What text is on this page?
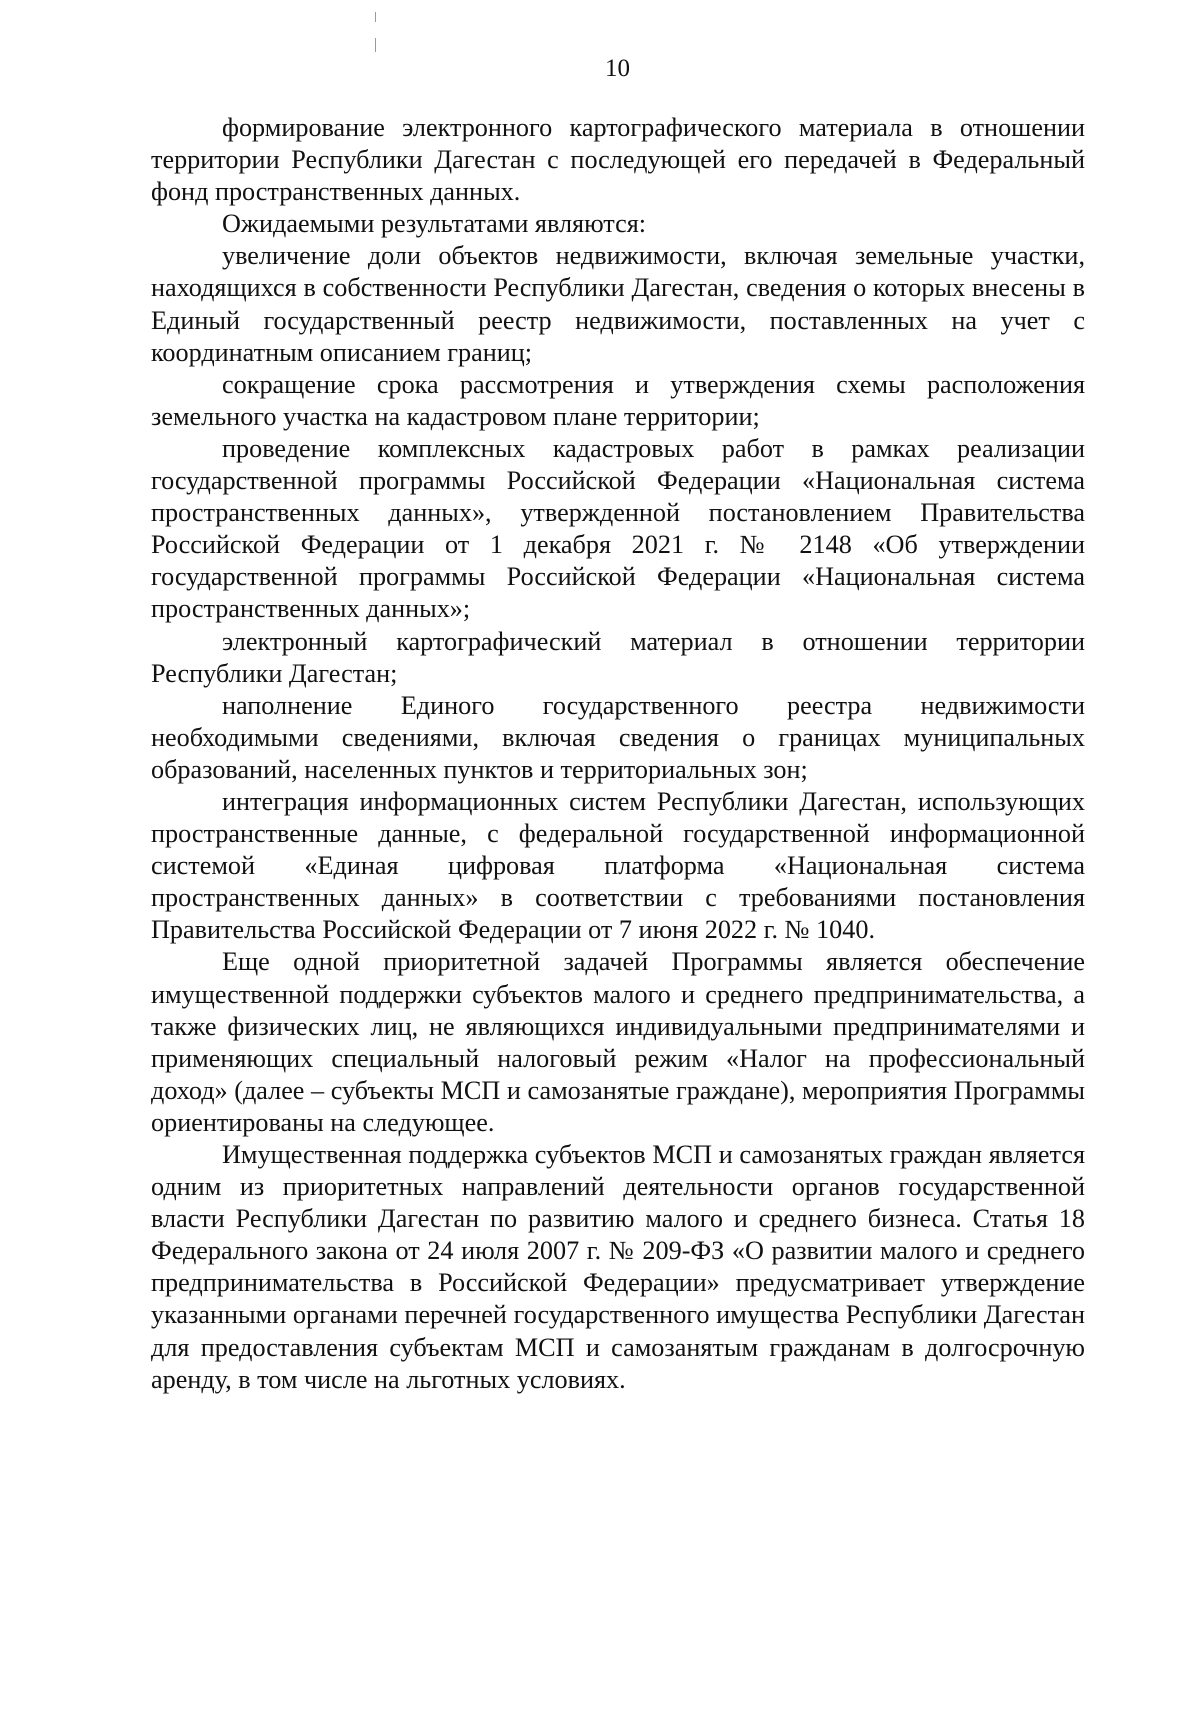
10

формирование электронного картографического материала в отношении территории Республики Дагестан с последующей его передачей в Федеральный фонд пространственных данных.

Ожидаемыми результатами являются:

увеличение доли объектов недвижимости, включая земельные участки, находящихся в собственности Республики Дагестан, сведения о которых внесены в Единый государственный реестр недвижимости, поставленных на учет с координатным описанием границ;

сокращение срока рассмотрения и утверждения схемы расположения земельного участка на кадастровом плане территории;

проведение комплексных кадастровых работ в рамках реализации государственной программы Российской Федерации «Национальная система пространственных данных», утвержденной постановлением Правительства Российской Федерации от 1 декабря 2021 г. № 2148 «Об утверждении государственной программы Российской Федерации «Национальная система пространственных данных»;

электронный картографический материал в отношении территории Республики Дагестан;

наполнение Единого государственного реестра недвижимости необходимыми сведениями, включая сведения о границах муниципальных образований, населенных пунктов и территориальных зон;

интеграция информационных систем Республики Дагестан, использующих пространственные данные, с федеральной государственной информационной системой «Единая цифровая платформа «Национальная система пространственных данных» в соответствии с требованиями постановления Правительства Российской Федерации от 7 июня 2022 г. № 1040.

Еще одной приоритетной задачей Программы является обеспечение имущественной поддержки субъектов малого и среднего предпринимательства, а также физических лиц, не являющихся индивидуальными предпринимателями и применяющих специальный налоговый режим «Налог на профессиональный доход» (далее – субъекты МСП и самозанятые граждане), мероприятия Программы ориентированы на следующее.

Имущественная поддержка субъектов МСП и самозанятых граждан является одним из приоритетных направлений деятельности органов государственной власти Республики Дагестан по развитию малого и среднего бизнеса. Статья 18 Федерального закона от 24 июля 2007 г. № 209-ФЗ «О развитии малого и среднего предпринимательства в Российской Федерации» предусматривает утверждение указанными органами перечней государственного имущества Республики Дагестан для предоставления субъектам МСП и самозанятым гражданам в долгосрочную аренду, в том числе на льготных условиях.
